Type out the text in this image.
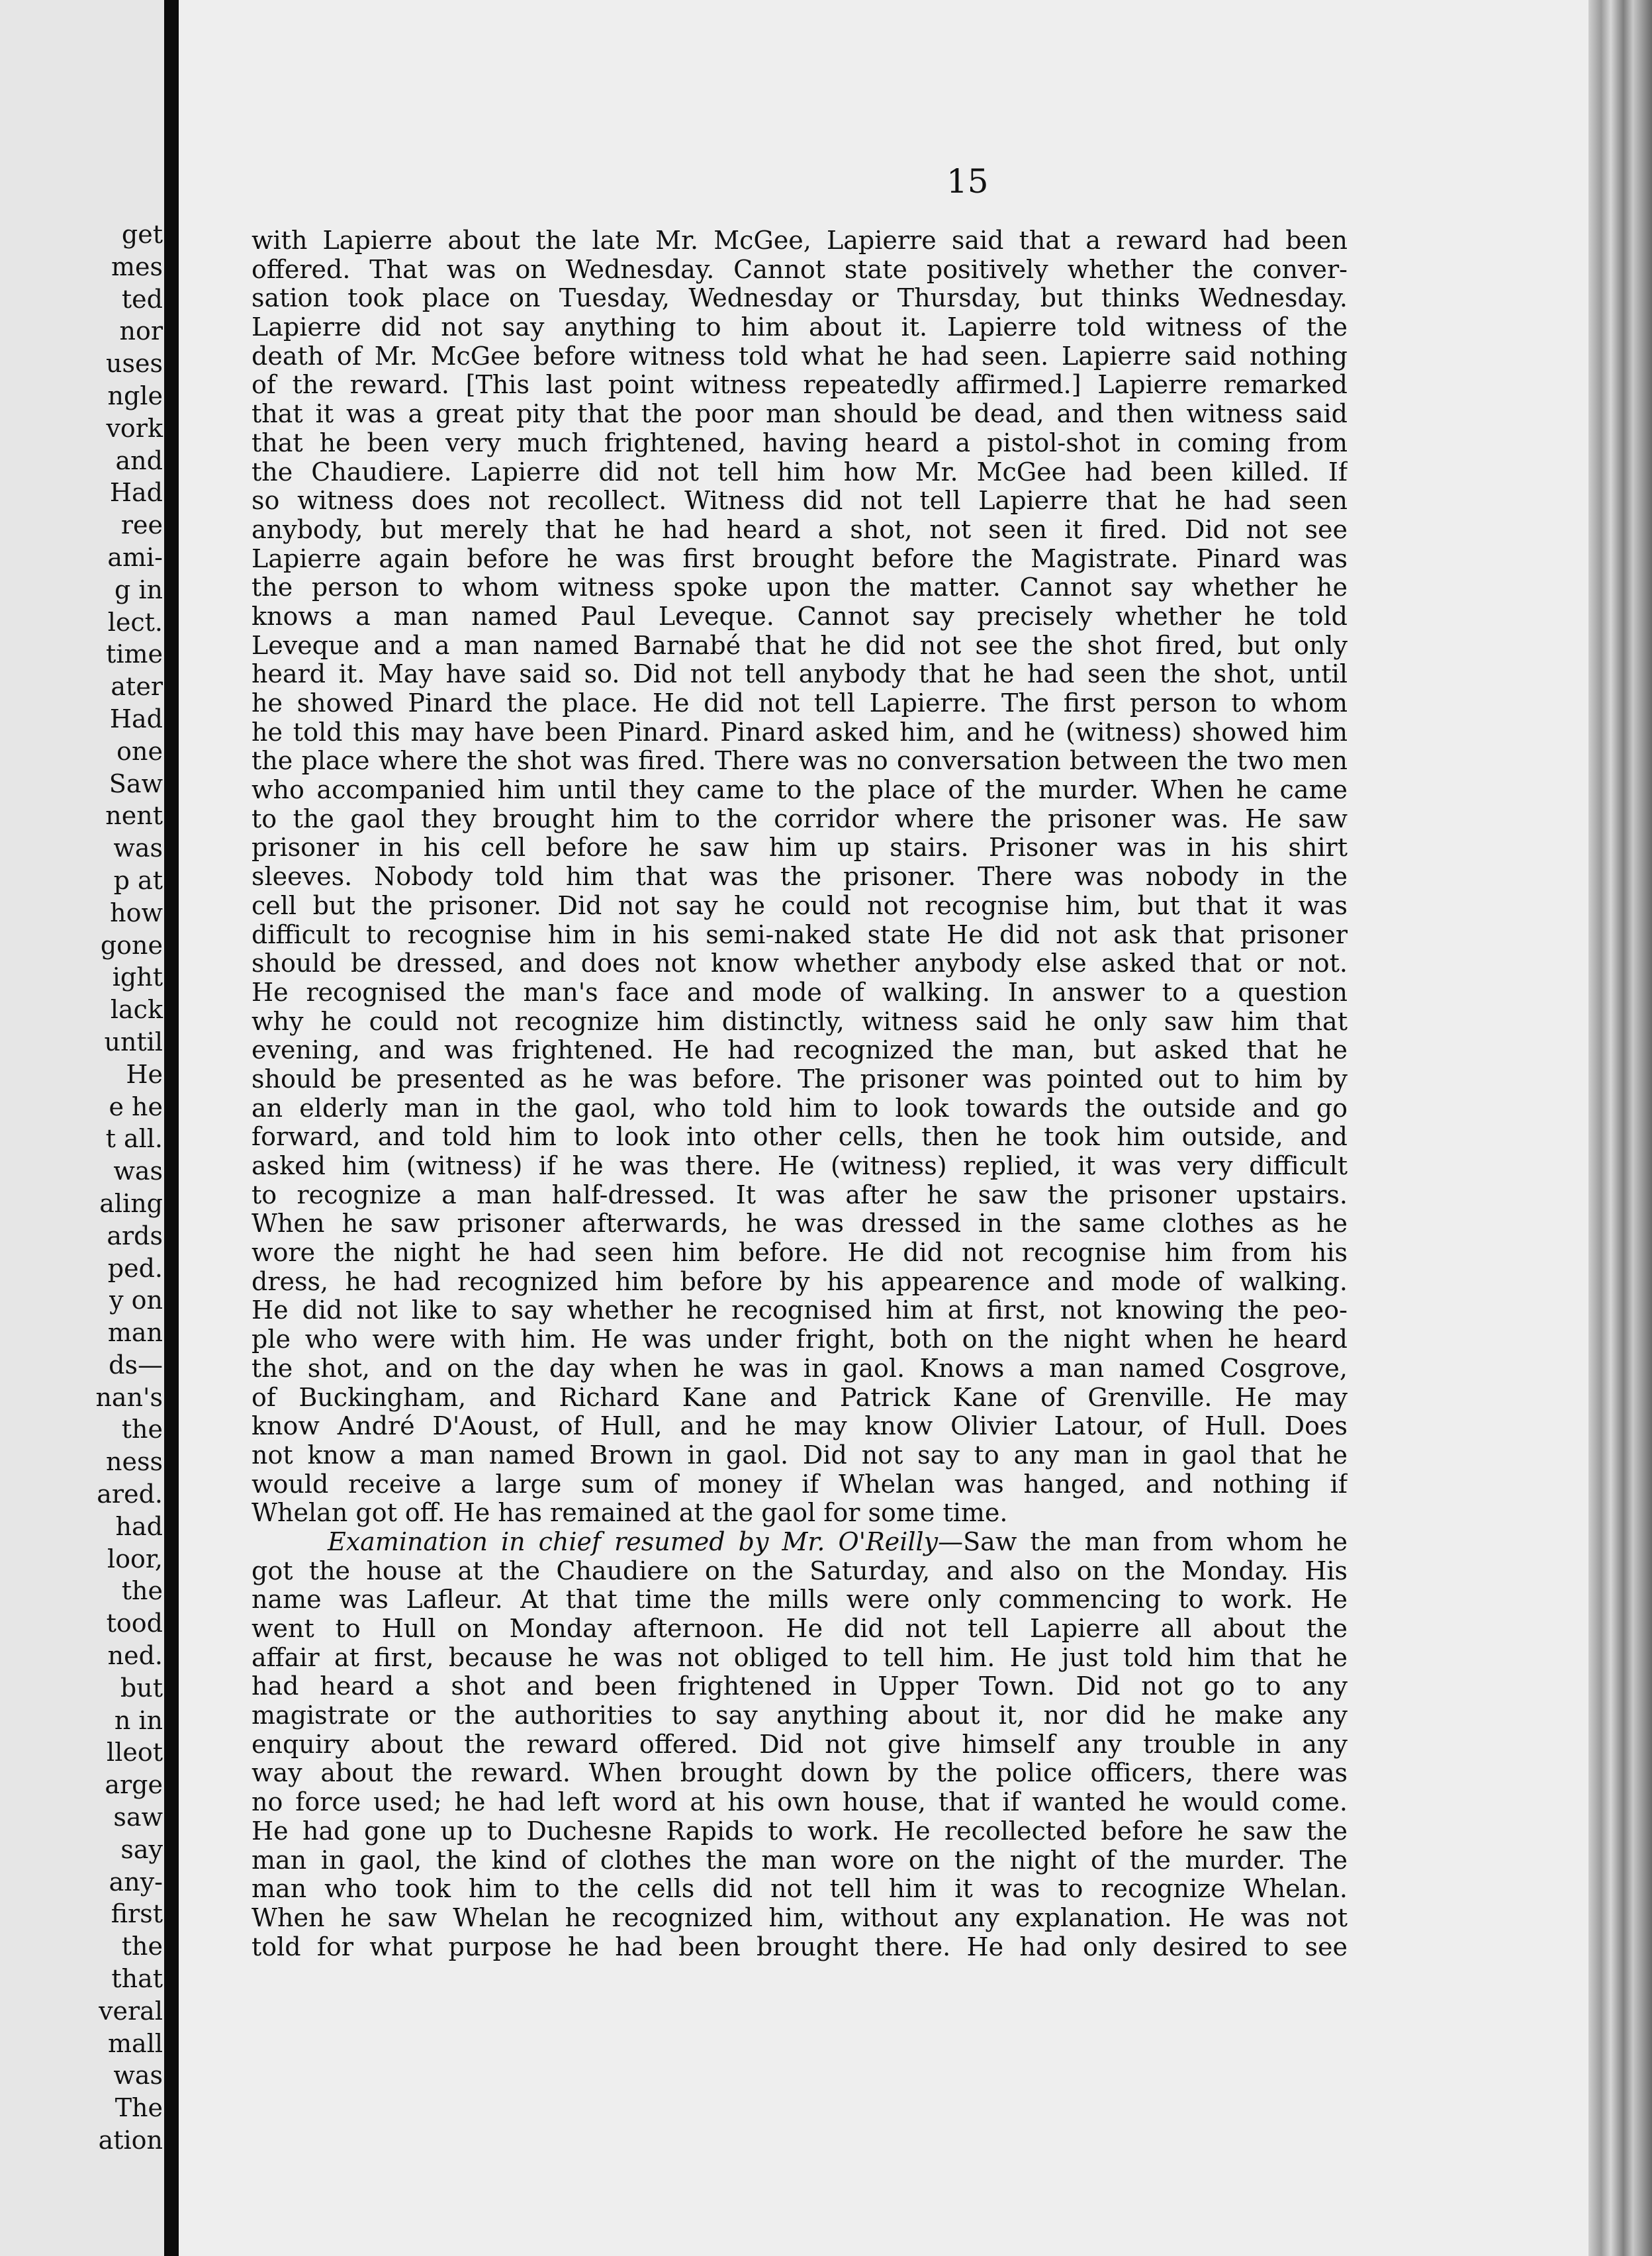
get
mes
ted
nor
uses
ngle
vork
and
Had
ree
ami-
g in
lect.
time
ater
Had
one
Saw
nent
was
p at
how
gone
ight
lack
until
He
e he
t all.
was
aling
ards
ped.
y on
man
ds—
nan's
the
ness
ared.
had
loor,
the
tood
ned.
but
n in
lleot
arge
saw
say
any-
first
the
that
veral
mall
was
The
ation
15
with Lapierre about the late Mr. McGee, Lapierre said that a reward had been
offered. That was on Wednesday. Cannot state positively whether the conver-
sation took place on Tuesday, Wednesday or Thursday, but thinks Wednesday.
Lapierre did not say anything to him about it. Lapierre told witness of the
death of Mr. McGee before witness told what he had seen. Lapierre said nothing
of the reward. [This last point witness repeatedly affirmed.] Lapierre remarked
that it was a great pity that the poor man should be dead, and then witness said
that he been very much frightened, having heard a pistol-shot in coming from
the Chaudiere. Lapierre did not tell him how Mr. McGee had been killed. If
so witness does not recollect. Witness did not tell Lapierre that he had seen
anybody, but merely that he had heard a shot, not seen it fired. Did not see
Lapierre again before he was first brought before the Magistrate. Pinard was
the person to whom witness spoke upon the matter. Cannot say whether he
knows a man named Paul Leveque. Cannot say precisely whether he told
Leveque and a man named Barnabé that he did not see the shot fired, but only
heard it. May have said so. Did not tell anybody that he had seen the shot, until
he showed Pinard the place. He did not tell Lapierre. The first person to whom
he told this may have been Pinard. Pinard asked him, and he (witness) showed him
the place where the shot was fired. There was no conversation between the two men
who accompanied him until they came to the place of the murder. When he came
to the gaol they brought him to the corridor where the prisoner was. He saw
prisoner in his cell before he saw him up stairs. Prisoner was in his shirt
sleeves. Nobody told him that was the prisoner. There was nobody in the
cell but the prisoner. Did not say he could not recognise him, but that it was
difficult to recognise him in his semi-naked state He did not ask that prisoner
should be dressed, and does not know whether anybody else asked that or not.
He recognised the man's face and mode of walking. In answer to a question
why he could not recognize him distinctly, witness said he only saw him that
evening, and was frightened. He had recognized the man, but asked that he
should be presented as he was before. The prisoner was pointed out to him by
an elderly man in the gaol, who told him to look towards the outside and go
forward, and told him to look into other cells, then he took him outside, and
asked him (witness) if he was there. He (witness) replied, it was very difficult
to recognize a man half-dressed. It was after he saw the prisoner upstairs.
When he saw prisoner afterwards, he was dressed in the same clothes as he
wore the night he had seen him before. He did not recognise him from his
dress, he had recognized him before by his appearence and mode of walking.
He did not like to say whether he recognised him at first, not knowing the peo-
ple who were with him. He was under fright, both on the night when he heard
the shot, and on the day when he was in gaol. Knows a man named Cosgrove,
of Buckingham, and Richard Kane and Patrick Kane of Grenville. He may
know André D'Aoust, of Hull, and he may know Olivier Latour, of Hull. Does
not know a man named Brown in gaol. Did not say to any man in gaol that he
would receive a large sum of money if Whelan was hanged, and nothing if
Whelan got off. He has remained at the gaol for some time.
Examination in chief resumed by Mr. O'Reilly—Saw the man from whom he
got the house at the Chaudiere on the Saturday, and also on the Monday. His
name was Lafleur. At that time the mills were only commencing to work. He
went to Hull on Monday afternoon. He did not tell Lapierre all about the
affair at first, because he was not obliged to tell him. He just told him that he
had heard a shot and been frightened in Upper Town. Did not go to any
magistrate or the authorities to say anything about it, nor did he make any
enquiry about the reward offered. Did not give himself any trouble in any
way about the reward. When brought down by the police officers, there was
no force used; he had left word at his own house, that if wanted he would come.
He had gone up to Duchesne Rapids to work. He recollected before he saw the
man in gaol, the kind of clothes the man wore on the night of the murder. The
man who took him to the cells did not tell him it was to recognize Whelan.
When he saw Whelan he recognized him, without any explanation. He was not
told for what purpose he had been brought there. He had only desired to see
